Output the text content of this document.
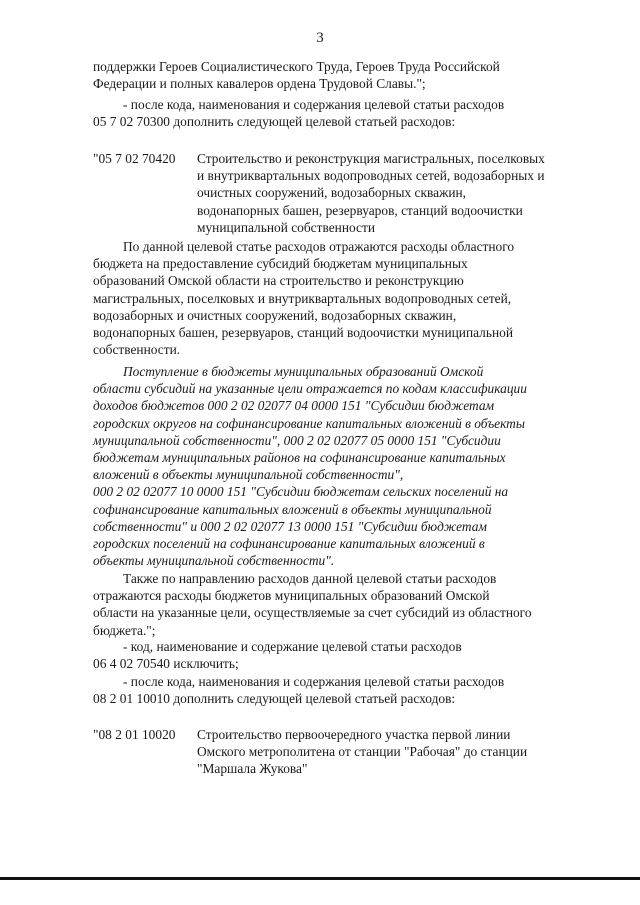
3

поддержки Героев Социалистического Труда, Героев Труда Российской
Федерации и полных кавалеров ордена Трудовой Славы.";

- после кода, наименования и содержания целевой статьи расходов
05 7 02 70300 дополнить следующей целевой статьей расходов:

"05 7 02 70420 Строительство и реконструкция магистральных, поселковых
и внутриквартальных водопроводных сетей, водозаборных и
очистных сооружений, водозаборных скважин,
водонапорных башен, резервуаров, станций водоочистки
муниципальной собственности

По данной целевой статье расходов отражаются расходы областного
бюджета на предоставление субсидий бюджетам муниципальных
образований Омской области на строительство и реконструкцию
магистральных, поселковых и внутриквартальных водопроводных сетей,
водозаборных и очистных сооружений, водозаборных скважин,
водонапорных башен, резервуаров, станций водоочистки муниципальной
собственности.

Поступление в бюджеты муниципальных образований Омской
области субсидий на указанные цели отражается по кодам классификации
доходов бюджетов 000 2 02 02077 04 0000 151 "Субсидии бюджетам
городских округов на софинансирование капитальных вложений в объекты
муниципальной собственности", 000 2 02 02077 05 0000 151 "Субсидии
бюджетам муниципальных районов на софинансирование капитальных
вложений в объекты муниципальной собственности",
000 2 02 02077 10 0000 151 "Субсидии бюджетам сельских поселений на
софинансирование капитальных вложений в объекты муниципальной
собственности" и 000 2 02 02077 13 0000 151 "Субсидии бюджетам
городских поселений на софинансирование капитальных вложений в
объекты муниципальной собственности".

Также по направлению расходов данной целевой статьи расходов
отражаются расходы бюджетов муниципальных образований Омской
области на указанные цели, осуществляемые за счет субсидий из областного
бюджета.";

- код, наименование и содержание целевой статьи расходов
06 4 02 70540 исключить;

- после кода, наименования и содержания целевой статьи расходов
08 2 01 10010 дополнить следующей целевой статьей расходов:

"08 2 01 10020 Строительство первоочередного участка первой линии
Омского метрополитена от станции "Рабочая" до станции
"Маршала Жукова"
